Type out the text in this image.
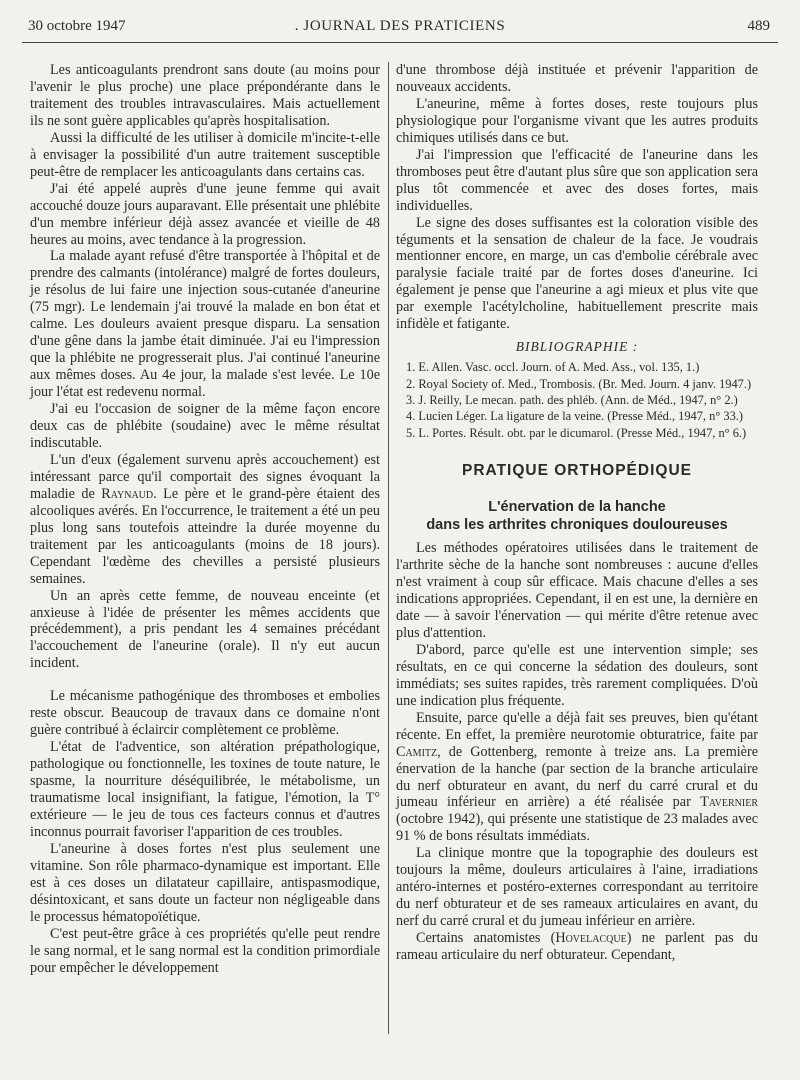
30 octobre 1947	. JOURNAL DES PRATICIENS	489

Les anticoagulants prendront sans doute (au moins pour l'avenir le plus proche) une place prépondérante dans le traitement des troubles intravasculaires. Mais actuellement ils ne sont guère applicables qu'après hospitalisation.

Aussi la difficulté de les utiliser à domicile m'incite-t-elle à envisager la possibilité d'un autre traitement susceptible peut-être de remplacer les anticoagulants dans certains cas.

J'ai été appelé auprès d'une jeune femme qui avait accouché douze jours auparavant. Elle présentait une phlébite d'un membre inférieur déjà assez avancée et vieille de 48 heures au moins, avec tendance à la progression.

La malade ayant refusé d'être transportée à l'hôpital et de prendre des calmants (intolérance) malgré de fortes douleurs, je résolus de lui faire une injection sous-cutanée d'aneurine (75 mgr). Le lendemain j'ai trouvé la malade en bon état et calme. Les douleurs avaient presque disparu. La sensation d'une gêne dans la jambe était diminuée. J'ai eu l'impression que la phlébite ne progresserait plus. J'ai continué l'aneurine aux mêmes doses. Au 4e jour, la malade s'est levée. Le 10e jour l'état est redevenu normal.

J'ai eu l'occasion de soigner de la même façon encore deux cas de phlébite (soudaine) avec le même résultat indiscutable.

L'un d'eux (également survenu après accouchement) est intéressant parce qu'il comportait des signes évoquant la maladie de Raynaud. Le père et le grand-père étaient des alcooliques avérés. En l'occurrence, le traitement a été un peu plus long sans toutefois atteindre la durée moyenne du traitement par les anticoagulants (moins de 18 jours). Cependant l'œdème des chevilles a persisté plusieurs semaines.

Un an après cette femme, de nouveau enceinte (et anxieuse à l'idée de présenter les mêmes accidents que précédemment), a pris pendant les 4 semaines précédant l'accouchement de l'aneurine (orale). Il n'y eut aucun incident.

Le mécanisme pathogénique des thromboses et embolies reste obscur. Beaucoup de travaux dans ce domaine n'ont guère contribué à éclaircir complètement ce problème.

L'état de l'adventice, son altération prépathologique, pathologique ou fonctionnelle, les toxines de toute nature, le spasme, la nourriture déséquilibrée, le métabolisme, un traumatisme local insignifiant, la fatigue, l'émotion, la T° extérieure — le jeu de tous ces facteurs connus et d'autres inconnus pourrait favoriser l'apparition de ces troubles.

L'aneurine à doses fortes n'est plus seulement une vitamine. Son rôle pharmaco-dynamique est important. Elle est à ces doses un dilatateur capillaire, antispasmodique, désintoxicant, et sans doute un facteur non négligeable dans le processus hématopoïétique.

C'est peut-être grâce à ces propriétés qu'elle peut rendre le sang normal, et le sang normal est la condition primordiale pour empêcher le développement

d'une thrombose déjà instituée et prévenir l'apparition de nouveaux accidents.

L'aneurine, même à fortes doses, reste toujours plus physiologique pour l'organisme vivant que les autres produits chimiques utilisés dans ce but.

J'ai l'impression que l'efficacité de l'aneurine dans les thromboses peut être d'autant plus sûre que son application sera plus tôt commencée et avec des doses fortes, mais individuelles.

Le signe des doses suffisantes est la coloration visible des téguments et la sensation de chaleur de la face. Je voudrais mentionner encore, en marge, un cas d'embolie cérébrale avec paralysie faciale traité par de fortes doses d'aneurine. Ici également je pense que l'aneurine a agi mieux et plus vite que par exemple l'acétylcholine, habituellement prescrite mais infidèle et fatigante.

BIBLIOGRAPHIE :
1. E. Allen. Vasc. occl. Journ. of A. Med. Ass., vol. 135, 1.)
2. Royal Society of. Med., Trombosis. (Br. Med. Journ. 4 janv. 1947.)
3. J. Reilly, Le mecan. path. des phléb. (Ann. de Méd., 1947, n° 2.)
4. Lucien Léger. La ligature de la veine. (Presse Méd., 1947, n° 33.)
5. L. Portes. Résult. obt. par le dicumarol. (Presse Méd., 1947, n° 6.)
PRATIQUE ORTHOPÉDIQUE
L'énervation de la hanche
dans les arthrites chroniques douloureuses

Les méthodes opératoires utilisées dans le traitement de l'arthrite sèche de la hanche sont nombreuses : aucune d'elles n'est vraiment à coup sûr efficace. Mais chacune d'elles a ses indications appropriées. Cependant, il en est une, la dernière en date — à savoir l'énervation — qui mérite d'être retenue avec plus d'attention.

D'abord, parce qu'elle est une intervention simple; ses résultats, en ce qui concerne la sédation des douleurs, sont immédiats; ses suites rapides, très rarement compliquées. D'où une indication plus fréquente.

Ensuite, parce qu'elle a déjà fait ses preuves, bien qu'étant récente. En effet, la première neurotomie obturatrice, faite par Camitz, de Gottenberg, remonte à treize ans. La première énervation de la hanche (par section de la branche articulaire du nerf obturateur en avant, du nerf du carré crural et du jumeau inférieur en arrière) a été réalisée par Tavernier (octobre 1942), qui présente une statistique de 23 malades avec 91 % de bons résultats immédiats.

La clinique montre que la topographie des douleurs est toujours la même, douleurs articulaires à l'aine, irradiations antéro-internes et postéro-externes correspondant au territoire du nerf obturateur et de ses rameaux articulaires en avant, du nerf du carré crural et du jumeau inférieur en arrière.

Certains anatomistes (Hovelacque) ne parlent pas du rameau articulaire du nerf obturateur. Cependant,
